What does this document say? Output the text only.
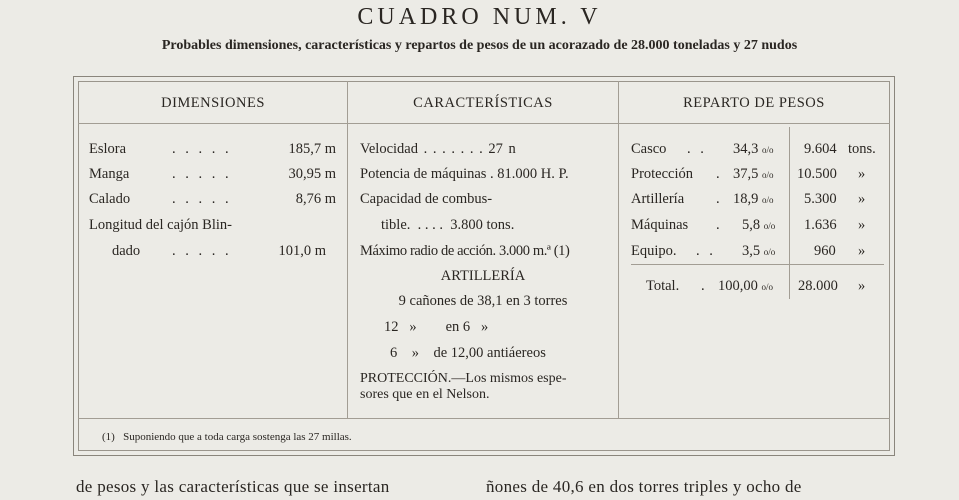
CUADRO NUM. V
Probables dimensiones, características y repartos de pesos de un acorazado de 28.000 toneladas y 27 nudos
DIMENSIONES	CARACTERÍSTICAS	REPARTO DE PESOS
Eslora	. . . . .	185,7 m
Manga	. . . . .	30,95 m
Calado	. . . . .	8,76 m
Longitud del cajón Blin-
dado . . . . .	101,0 m
Velocidad . . . . . . . 27 n
Potencia de máquinas . 81.000 H. P.
Capacidad de combus-
tible.  . . . .  3.800 tons.
Máximo radio de acción. 3.000 m.ª (1)
ARTILLERÍA
9 cañones de 38,1 en 3 torres
12   »        en 6   »
6    »    de 12,00 antiáereos
PROTECCIÓN.—Los mismos espe-
sores que en el Nelson.
Casco . . 34,3 o/o 9.604 tons.
Protección . 37,5 o/o 10.500 »
Artillería . 18,9 o/o 5.300 »
Máquinas . 5,8 o/o 1.636 »
Equipo. . . 3,5 o/o	960 »
Total. . 100,00 o/o 28.000 »
(1)   Suponiendo que a toda carga sostenga las 27 millas.
de pesos y las características que se insertan	ñones de 40,6 en dos torres triples y ocho de
